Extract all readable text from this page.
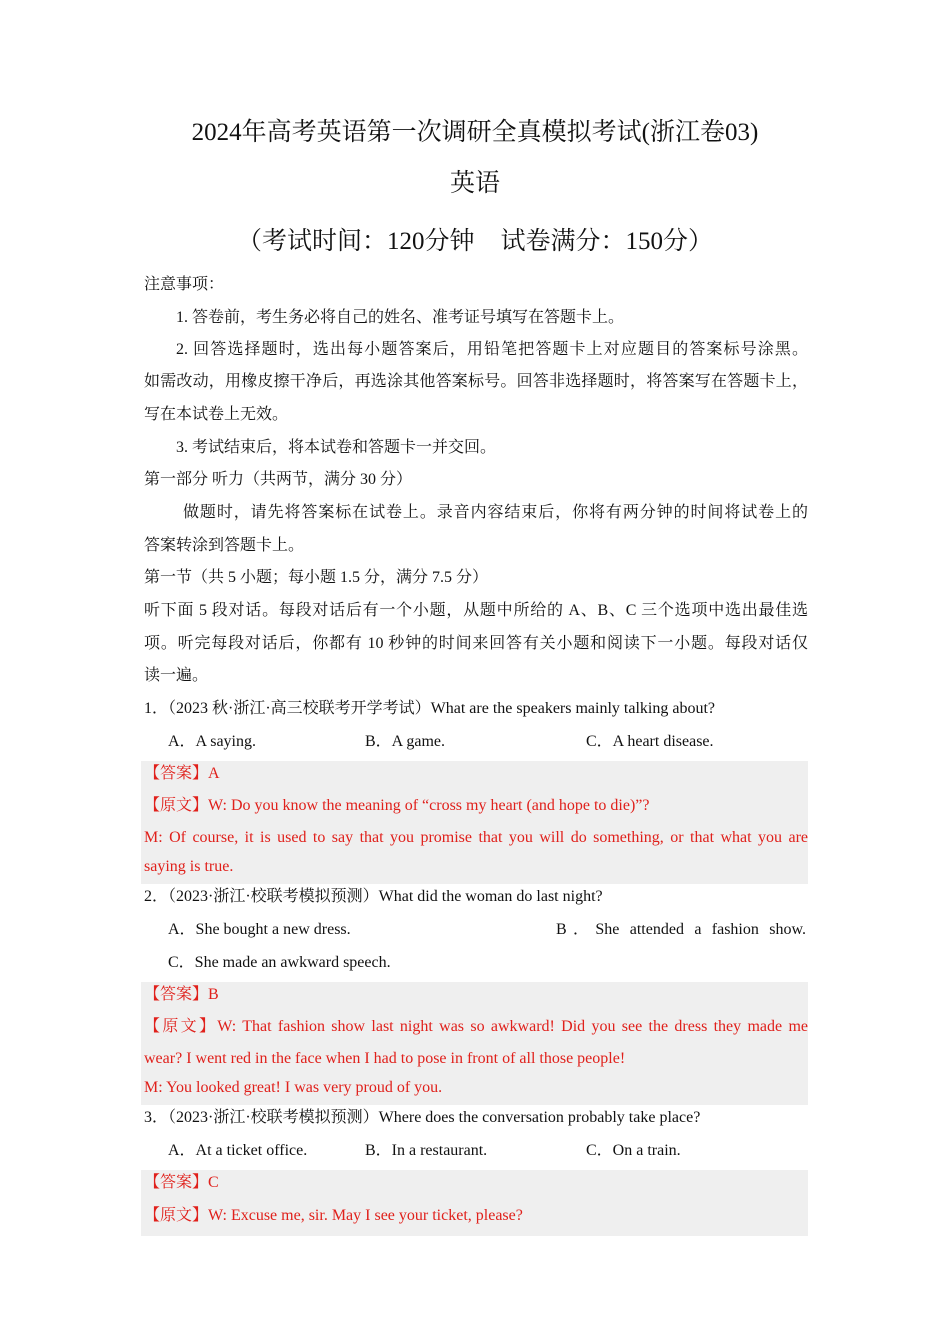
2024年高考英语第一次调研全真模拟考试(浙江卷03)
英语
（考试时间：120分钟 试卷满分：150分）
注意事项：
1. 答卷前，考生务必将自己的姓名、准考证号填写在答题卡上。
2. 回答选择题时，选出每小题答案后，用铅笔把答题卡上对应题目的答案标号涂黑。
如需改动，用橡皮擦干净后，再选涂其他答案标号。回答非选择题时，将答案写在答题卡上，
写在本试卷上无效。
3. 考试结束后，将本试卷和答题卡一并交回。
第一部分 听力（共两节，满分 30 分）
做题时，请先将答案标在试卷上。录音内容结束后，你将有两分钟的时间将试卷上的
答案转涂到答题卡上。
第一节（共 5 小题；每小题 1.5 分，满分 7.5 分）
听下面 5 段对话。每段对话后有一个小题，从题中所给的 A、B、C 三个选项中选出最佳选
项。听完每段对话后，你都有 10 秒钟的时间来回答有关小题和阅读下一小题。每段对话仅
读一遍。
1．（2023 秋·浙江·高三校联考开学考试）What are the speakers mainly talking about?
A．A saying.	B．A game.	C．A heart disease.
【答案】A
【原文】W: Do you know the meaning of “cross my heart (and hope to die)”?
M: Of course, it is used to say that you promise that you will do something, or that what you are
saying is true.
2．（2023·浙江·校联考模拟预测）What did the woman do last night?
A．She bought a new dress.	B．She attended a fashion show.
C．She made an awkward speech.
【答案】B
【原文】W: That fashion show last night was so awkward! Did you see the dress they made me
wear? I went red in the face when I had to pose in front of all those people!
M: You looked great! I was very proud of you.
3．（2023·浙江·校联考模拟预测）Where does the conversation probably take place?
A．At a ticket office.	B．In a restaurant.	C．On a train.
【答案】C
【原文】W: Excuse me, sir. May I see your ticket, please?
